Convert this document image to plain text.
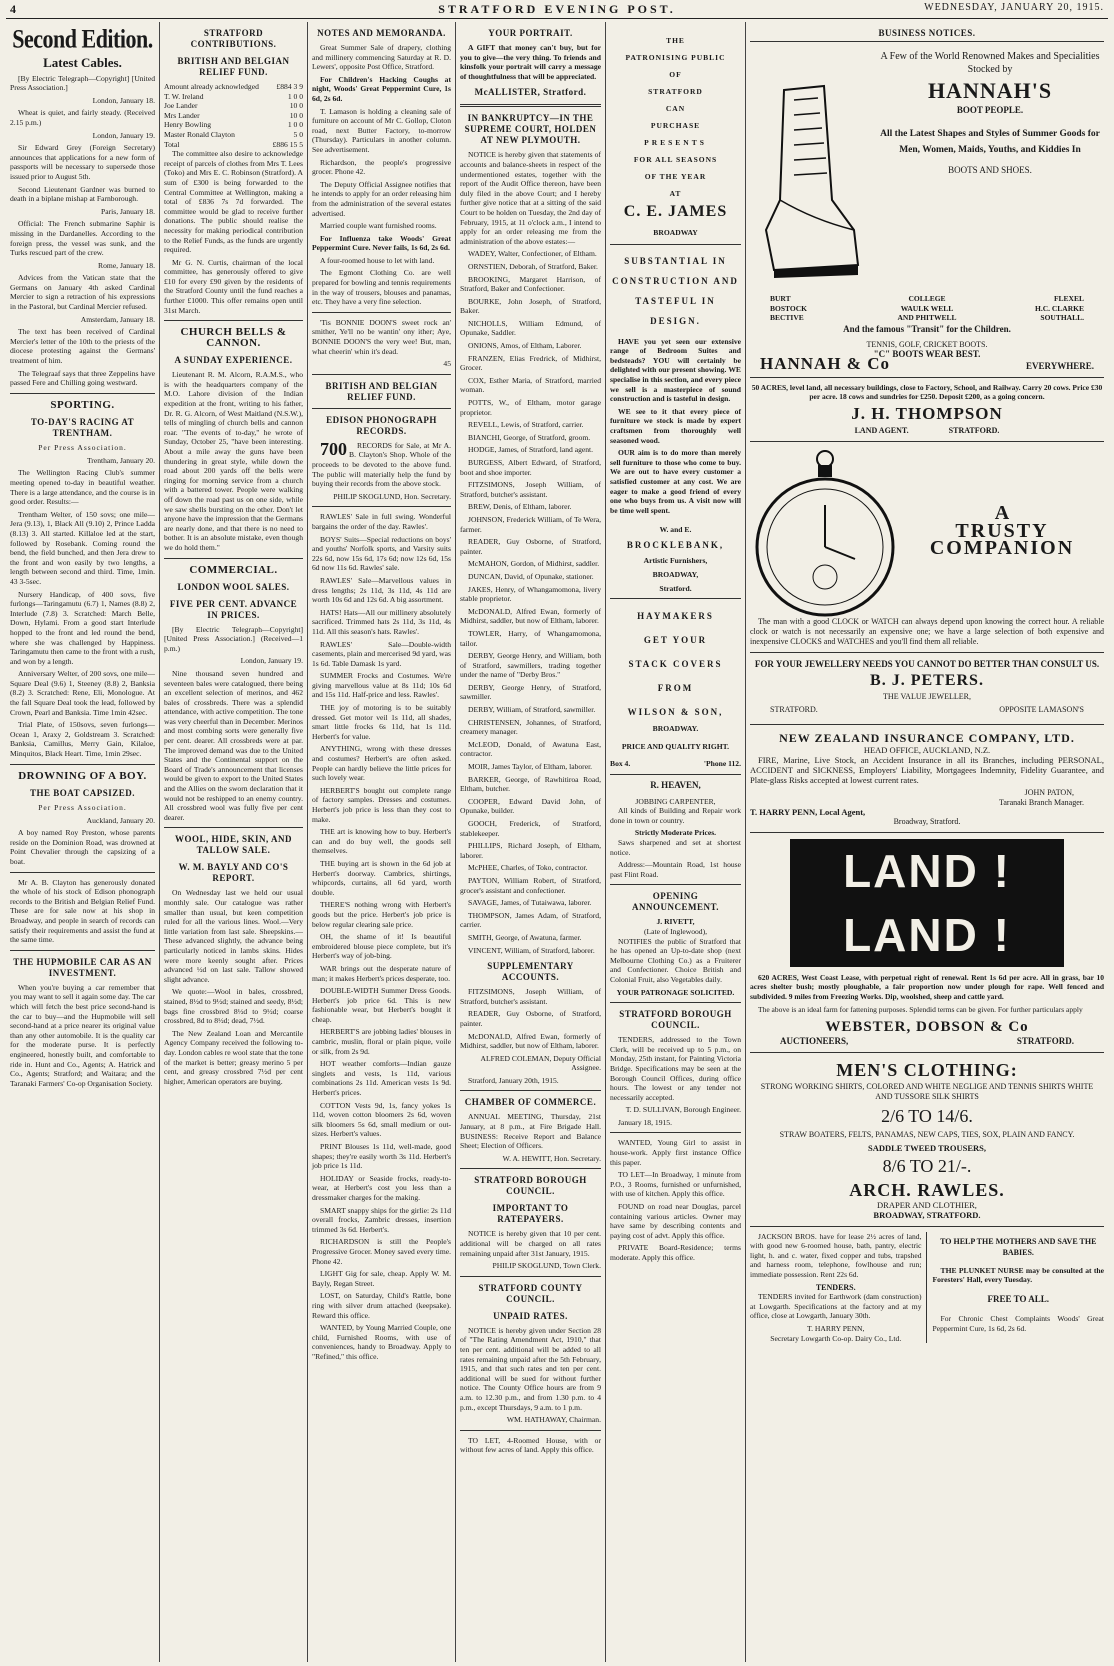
4	STRATFORD EVENING POST.	WEDNESDAY, JANUARY 20, 1915.
Second Edition.
Latest Cables.

[By Electric Telegraph—Copyright] [United Press Association.]

London, January 18.

Wheat is quiet, and fairly steady. (Received 2.15 p.m.)

London, January 19.

Sir Edward Grey (Foreign Secretary) announces that applications for a new form of passports will be necessary to supersede those issued prior to August 5th.

Second Lieutenant Gardner was burned to death in a biplane mishap at Farnborough.

Paris, January 18.

Official: The French submarine Saphir is missing in the Dardanelles. According to the foreign press, the vessel was sunk, and the Turks rescued part of the crew.

Rome, January 18.

Advices from the Vatican state that the Germans on January 4th asked Cardinal Mercier to sign a retraction of his expressions in the Pastoral, but Cardinal Mercier refused.

Amsterdam, January 18.

The text has been received of Cardinal Mercier's letter of the 10th to the priests of the diocese protesting against the Germans' treatment of him.

The Telegraaf says that three Zeppelins have passed Fere and Chilling going westward.

SPORTING.
TO-DAY'S RACING AT TRENTHAM.
Per Press Association.

Trentham, January 20.

The Wellington Racing Club's summer meeting opened to-day in beautiful weather. There is a large attendance, and the course is in good order. Results:—

Trentham Welter, of 150 sovs; one mile—Jera (9.13), 1, Black All (9.10) 2, Prince Ladda (8.13) 3. All started. Killaloe led at the start, followed by Rosebank. Coming round the bend, the field bunched, and then Jera drew to the front and won easily by two lengths, a length between second and third. Time, 1min. 43 3-5sec.

Nursery Handicap, of 400 sovs, five furlongs—Taringamutu (6.7) 1, Names (8.8) 2, Interlude (7.8) 3. Scratched: March Belle, Down, Hylami. From a good start Interlude hopped to the front and led round the bend, where she was challenged by Happiness. Taringamutu then came to the front with a rush, and won by a length.

Anniversary Welter, of 200 sovs, one mile—Square Deal (9.6) 1, Steeney (8.8) 2, Banksia (8.2) 3. Scratched: Rene, Eli, Monologue. At the fall Square Deal took the lead, followed by Crown, Pearl and Banksia. Time 1min 42sec.

Trial Plate, of 150sovs, seven furlongs—Ocean 1, Araxy 2, Goldstream 3. Scratched: Banksia, Camillus, Merry Gain, Kilaloe, Minquitos, Black Heart. Time, 1min 29sec.

DROWNING OF A BOY.
THE BOAT CAPSIZED.
Per Press Association.

Auckland, January 20.

A boy named Roy Preston, whose parents reside on the Dominion Road, was drowned at Point Chevalier through the capsizing of a boat.

Mr A. B. Clayton has generously donated the whole of his stock of Edison phonograph records to the British and Belgian Relief Fund. These are for sale now at his shop in Broadway, and people in search of records can satisfy their requirements and assist the fund at the same time.

THE HUPMOBILE CAR AS AN INVESTMENT.

When you're buying a car remember that you may want to sell it again some day. The car which will fetch the best price second-hand is the car to buy—and the Hupmobile will sell second-hand at a price nearer its original value than any other automobile. It is the quality car for the moderate purse. It is perfectly engineered, honestly built, and comfortable to ride in. Hunt and Co., Agents; A. Hatrick and Co., Agents; Stratford; and Waitara; and the Taranaki Farmers' Co-op Organisation Society.

STRATFORD CONTRIBUTIONS.
BRITISH AND BELGIAN RELIEF FUND.
Amount already acknowledged £884 3 9
T. W. Ireland	1 0 0
Joe Lander	10 0
Mrs Lander	10 0
Henry Bowling	1 0 0
Master Ronald Clayton	5 0
Total	£886 15 5

The committee also desire to acknowledge receipt of parcels of clothes from Mrs T. Lees (Toko) and Mrs E. C. Robinson (Stratford). A sum of £300 is being forwarded to the Central Committee at Wellington, making a total of £836 7s 7d forwarded. The committee would be glad to receive further donations. The public should realise the necessity for making periodical contribution to the Relief Funds, as the funds are urgently required.

Mr G. N. Curtis, chairman of the local committee, has generously offered to give £10 for every £90 given by the residents of the Stratford County until the fund reaches a further £1000. This offer remains open until 31st March.

CHURCH BELLS & CANNON.
A SUNDAY EXPERIENCE.

Lieutenant R. M. Alcorn, R.A.M.S., who is with the headquarters company of the M.O. Lahore division of the Indian expedition at the front, writing to his father, Dr. R. G. Alcorn, of West Maitland (N.S.W.), tells of mingling of church bells and cannon roar. "The events of to-day," he wrote of Sunday, October 25, "have been interesting. About a mile away the guns have been thundering in great style, while down the road about 200 yards off the bells were ringing for morning service from a church with a battered tower. People were walking off down the road past us on one side, while we saw shells bursting on the other. Don't let anyone have the impression that the Germans are nearly done, and that there is no need to bother. It is an absolute mistake, even though we do hold them."

COMMERCIAL.
LONDON WOOL SALES.
FIVE PER CENT. ADVANCE IN PRICES.

[By Electric Telegraph—Copyright] [United Press Association.] (Received—1 p.m.)

London, January 19.

Nine thousand seven hundred and seventeen bales were catalogued, there being an excellent selection of merinos, and 462 bales of crossbreds. There was a splendid attendance, with active competition. The tone was very cheerful than in December. Merinos and most combing sorts were generally five per cent. dearer. All crossbreds were at par. The improved demand was due to the United States and the Continental support on the Board of Trade's announcement that licenses would be given to export to the United States and the Allies on the sworn declaration that it would not be reshipped to an enemy country. All crossbred wool was fully five per cent dearer.

WOOL, HIDE, SKIN, AND TALLOW SALE.
W. M. BAYLY AND CO'S REPORT.

On Wednesday last we held our usual monthly sale. Our catalogue was rather smaller than usual, but keen competition ruled for all the various lines. Wool.—Very little variation from last sale. Sheepskins.—These advanced slightly, the advance being particularly noticed in lambs skins. Hides were more keenly sought after. Prices advanced ½d on last sale. Tallow showed slight advance.

We quote:—Wool in bales, crossbred, stained, 8½d to 9½d; stained and seedy, 8½d; bags fine crossbred 8½d to 9½d; coarse crossbred, 8d to 8½d; dead, 7½d.

The New Zealand Loan and Mercantile Agency Company received the following to-day. London cables re wool state that the tone of the market is better; greasy merino 5 per cent, and greasy crossbred 7½d per cent higher, American operators are buying.

NOTES AND MEMORANDA.

Great Summer Sale of drapery, clothing and millinery commencing Saturday at R. D. Lewers', opposite Post Office, Stratford.

For Children's Hacking Coughs at night, Woods' Great Peppermint Cure, 1s 6d, 2s 6d.

T. Lamason is holding a cleaning sale of furniture on account of Mr C. Gollop, Cloton road, next Butter Factory, to-morrow (Thursday). Particulars in another column. See advertisement.

Richardson, the people's progressive grocer. Phone 42.

The Deputy Official Assignee notifies that he intends to apply for an order releasing him from the administration of the several estates advertised.

Married couple want furnished rooms.

For Influenza take Woods' Great Peppermint Cure. Never fails, 1s 6d, 2s 6d.

A four-roomed house to let with land.

The Egmont Clothing Co. are well prepared for bowling and tennis requirements in the way of trousers, blouses and panamas, etc. They have a very fine selection.

'Tis BONNIE DOON'S sweet rock an' smither, Ye'll no be wantin' ony ither; Aye, BONNIE DOON'S the very wee! But, man, what cheerin' whin it's dead.

45

BRITISH AND BELGIAN RELIEF FUND.
EDISON PHONOGRAPH RECORDS.

700 RECORDS for Sale, at Mr A. B. Clayton's Shop. Whole of the proceeds to be devoted to the above fund. The public will materially help the fund by buying their records from the above stock.

PHILIP SKOGLUND, Hon. Secretary.

RAWLES' Sale in full swing. Wonderful bargains the order of the day. Rawles'.

BOYS' Suits—Special reductions on boys' and youths' Norfolk sports, and Varsity suits 22s 6d, now 15s 6d, 17s 6d; now 12s 6d, 15s 6d now 11s 6d. Rawles' sale.

RAWLES' Sale—Marvellous values in dress lengths; 2s 11d, 3s 11d, 4s 11d are worth 10s 6d and 12s 6d. A big assortment.

HATS! Hats—All our millinery absolutely sacrificed. Trimmed hats 2s 11d, 3s 11d, 4s 11d. All this season's hats. Rawles'.

RAWLES' Sale—Double-width casements, plain and mercerised 9d yard, was 1s 6d. Table Damask 1s yard.

SUMMER Frocks and Costumes. We're giving marvellous value at 8s 11d; 10s 6d and 15s 11d. Half-price and less. Rawles'.

THE joy of motoring is to be suitably dressed. Get motor veil 1s 11d, all shades, smart little frocks 6s 11d, hat 1s 11d. Herbert's for value.

ANYTHING, wrong with these dresses and costumes? Herbert's are often asked. People can hardly believe the little prices for such lovely wear.

HERBERT'S bought out complete range of factory samples. Dresses and costumes. Herbert's job price is less than they cost to make.

THE art is knowing how to buy. Herbert's can and do buy well, the goods sell themselves.

THE buying art is shown in the 6d job at Herbert's doorway. Cambrics, shirtings, whipcords, curtains, all 6d yard, worth double.

THERE'S nothing wrong with Herbert's goods but the price. Herbert's job price is below regular clearing sale price.

OH, the shame of it! Is beautiful embroidered blouse piece complete, but it's Herbert's way of job-bing.

WAR brings out the desperate nature of man; it makes Herbert's prices desperate, too.

DOUBLE-WIDTH Summer Dress Goods. Herbert's job price 6d. This is new fashionable wear, but Herbert's bought it cheap.

HERBERT'S are jobbing ladies' blouses in cambric, muslin, floral or plain pique, voile or silk, from 2s 9d.

HOT weather comforts—Indian gauze singlets and vests, 1s 11d, various combinations 2s 11d. American vests 1s 9d. Herbert's prices.

COTTON Vests 9d, 1s, fancy yokes 1s 11d, woven cotton bloomers 2s 6d, woven silk bloomers 5s 6d, small medium or out-sizes. Herbert's values.

PRINT Blouses 1s 11d, well-made, good shapes; they're easily worth 3s 11d. Herbert's job price 1s 11d.

HOLIDAY or Seaside frocks, ready-to-wear, at Herbert's cost you less than a dressmaker charges for the making.

SMART snappy ships for the girlie: 2s 11d overall frocks, Zambric dresses, insertion trimmed 3s 6d. Herbert's.

RICHARDSON is still the People's Progressive Grocer. Money saved every time. Phone 42.

LIGHT Gig for sale, cheap. Apply W. M. Bayly, Regan Street.

LOST, on Saturday, Child's Rattle, bone ring with silver drum attached (keepsake). Reward this office.

WANTED, by Young Married Couple, one child, Furnished Rooms, with use of conveniences, handy to Broadway. Apply to "Refined," this office.

YOUR PORTRAIT.

A GIFT that money can't buy, but for you to give—the very thing. To friends and kinsfolk your portrait will carry a message of thoughtfulness that will be appreciated.

McALLISTER, Stratford.
IN BANKRUPTCY—IN THE SUPREME COURT, HOLDEN AT NEW PLYMOUTH.

NOTICE is hereby given that statements of accounts and balance-sheets in respect of the undermentioned estates, together with the report of the Audit Office thereon, have been duly filed in the above Court; and I hereby further give notice that at a sitting of the said Court to be holden on Tuesday, the 2nd day of February, 1915, at 11 o'clock a.m., I intend to apply for an order releasing me from the administration of the above estates:—

WADEY, Walter, Confectioner, of Eltham.

ORNSTIEN, Deborah, of Stratford, Baker.

BROOKING, Margaret Harrison, of Stratford, Baker and Confectioner.

BOURKE, John Joseph, of Stratford, Baker.

NICHOLLS, William Edmund, of Opunake, Saddler.

ONIONS, Amos, of Eltham, Laborer.

FRANZEN, Elias Fredrick, of Midhirst, Grocer.

COX, Esther Maria, of Stratford, married woman.

POTTS, W., of Eltham, motor garage proprietor.

REVELL, Lewis, of Stratford, carrier.

BIANCHI, George, of Stratford, groom.

HODGE, James, of Stratford, land agent.

BURGESS, Albert Edward, of Stratford, boot and shoe importer.

FITZSIMONS, Joseph William, of Stratford, butcher's assistant.

BREW, Denis, of Eltham, laborer.

JOHNSON, Frederick William, of Te Wera, farmer.

READER, Guy Osborne, of Stratford, painter.

McMAHON, Gordon, of Midhirst, saddler.

DUNCAN, David, of Opunake, stationer.

JAKES, Henry, of Whangamomona, livery stable proprietor.

McDONALD, Alfred Ewan, formerly of Midhirst, saddler, but now of Eltham, laborer.

TOWLER, Harry, of Whangamomona, tailor.

DERBY, George Henry, and William, both of Stratford, sawmillers, trading together under the name of "Derby Bros."

DERBY, George Henry, of Stratford, sawmiller.

DERBY, William, of Stratford, sawmiller.

CHRISTENSEN, Johannes, of Stratford, creamery manager.

McLEOD, Donald, of Awatuna East, contractor.

MOIR, James Taylor, of Eltham, laborer.

BARKER, George, of Rawhitiroa Road, Eltham, butcher.

COOPER, Edward David John, of Opunake, builder.

GOOCH, Frederick, of Stratford, stablekeeper.

PHILLIPS, Richard Joseph, of Eltham, laborer.

McPHEE, Charles, of Toko, contractor.

PAYTON, William Robert, of Stratford, grocer's assistant and confectioner.

SAVAGE, James, of Tutaiwawa, laborer.

THOMPSON, James Adam, of Stratford, carrier.

SMITH, George, of Awatuna, farmer.

VINCENT, William, of Stratford, laborer.

SUPPLEMENTARY ACCOUNTS.

FITZSIMONS, Joseph William, of Stratford, butcher's assistant.

READER, Guy Osborne, of Stratford, painter.

McDONALD, Alfred Ewan, formerly of Midhirst, saddler, but now of Eltham, laborer.

ALFRED COLEMAN, Deputy Official Assignee.

Stratford, January 20th, 1915.

CHAMBER OF COMMERCE.

ANNUAL MEETING, Thursday, 21st January, at 8 p.m., at Fire Brigade Hall. BUSINESS: Receive Report and Balance Sheet; Election of Officers.

W. A. HEWITT, Hon. Secretary.

STRATFORD BOROUGH COUNCIL.
IMPORTANT TO RATEPAYERS.

NOTICE is hereby given that 10 per cent. additional will be charged on all rates remaining unpaid after 31st January, 1915.

PHILIP SKOGLUND, Town Clerk.

STRATFORD COUNTY COUNCIL.
UNPAID RATES.

NOTICE is hereby given under Section 28 of "The Rating Amendment Act, 1910," that ten per cent. additional will be added to all rates remaining unpaid after the 5th February, 1915, and that such rates and ten per cent. additional will be sued for without further notice. The County Office hours are from 9 a.m. to 12.30 p.m., and from 1.30 p.m. to 4 p.m., except Thursdays, 9 a.m. to 1 p.m.

WM. HATHAWAY, Chairman.

TO LET, 4-Roomed House, with or without few acres of land. Apply this office.

THE
PATRONISING PUBLIC
OF
STRATFORD
CAN
PURCHASE
PRESENTS
FOR ALL SEASONS
OF THE YEAR
AT
C. E. JAMES
BROADWAY
SUBSTANTIAL IN CONSTRUCTION AND TASTEFUL IN DESIGN.

HAVE you yet seen our extensive range of Bedroom Suites and bedsteads? YOU will certainly be delighted with our present showing. WE specialise in this section, and every piece we sell is a masterpiece of sound construction and is tasteful in design.

WE see to it that every piece of furniture we stock is made by expert craftsmen from thoroughly well seasoned wood.

OUR aim is to do more than merely sell furniture to those who come to buy. We are out to have every customer a satisfied customer at any cost. We are eager to make a good friend of every one who buys from us. A visit now will be time well spent.

W. and E.
BROCKLEBANK,
Artistic Furnishers,
BROADWAY,
Stratford.
HAYMAKERS
GET YOUR
STACK COVERS
FROM
WILSON & SON,
BROADWAY.
PRICE AND QUALITY RIGHT.
Box 4.	'Phone 112.
R. HEAVEN,
JOBBING CARPENTER,

All kinds of Building and Repair work done in town or country.

Strictly Moderate Prices.

Saws sharpened and set at shortest notice.

Address:—Mountain Road, 1st house past Flint Road.

OPENING ANNOUNCEMENT.
J. RIVETT,
(Late of Inglewood),

NOTIFIES the public of Stratford that he has opened an Up-to-date shop (next Melbourne Clothing Co.) as a Fruiterer and Confectioner. Choice British and Colonial Fruit, also Vegetables daily.

YOUR PATRONAGE SOLICITED.
STRATFORD BOROUGH COUNCIL.

TENDERS, addressed to the Town Clerk, will be received up to 5 p.m., on Monday, 25th instant, for Painting Victoria Bridge. Specifications may be seen at the Borough Council Offices, during office hours. The lowest or any tender not necessarily accepted.

T. D. SULLIVAN, Borough Engineer.

January 18, 1915.

WANTED, Young Girl to assist in house-work. Apply first instance Office this paper.

TO LET—In Broadway, 1 minute from P.O., 3 Rooms, furnished or unfurnished, with use of kitchen. Apply this office.

FOUND on road near Douglas, parcel containing various articles. Owner may have same by describing contents and paying cost of advt. Apply this office.

PRIVATE Board-Residence; terms moderate. Apply this office.

BUSINESS NOTICES.
A Few of the World Renowned Makes and Specialities Stocked by
HANNAH'S
BOOT PEOPLE.
All the Latest Shapes and Styles of Summer Goods for Men, Women, Maids, Youths, and Kiddies In
BOOTS AND SHOES.
BURT	COLLEGE	FLEXEL
BOSTOCK	WAULK WELL	H.C. CLARKE
BECTIVE	AND PHITWELL	SOUTHALL.
And the famous "Transit" for the Children.
TENNIS, GOLF, CRICKET BOOTS.
"C" BOOTS WEAR BEST.
HANNAH & Co	EVERYWHERE.
50 ACRES, level land, all necessary buildings, close to Factory, School, and Railway. Carry 20 cows. Price £30 per acre. 18 cows and sundries for £250. Deposit £200, as a going concern.
J. H. THOMPSON
LAND AGENT.	STRATFORD.
A
TRUSTY
COMPANION

The man with a good CLOCK or WATCH can always depend upon knowing the correct hour. A reliable clock or watch is not necessarily an expensive one; we have a large selection of both expensive and inexpensive CLOCKS and WATCHES and you'll find them all reliable.

FOR YOUR JEWELLERY NEEDS YOU CANNOT DO BETTER THAN CONSULT US.
B. J. PETERS.
THE VALUE JEWELLER,
STRATFORD.	OPPOSITE LAMASON'S
NEW ZEALAND INSURANCE COMPANY, LTD.
HEAD OFFICE, AUCKLAND, N.Z.

FIRE, Marine, Live Stock, an Accident Insurance in all its Branches, including PERSONAL, ACCIDENT and SICKNESS, Employers' Liability, Mortgagees Indemnity, Fidelity Guarantee, and Plate-glass Risks accepted at lowest current rates.

JOHN PATON,
Taranaki Branch Manager.
T. HARRY PENN, Local Agent,
Broadway, Stratford.
LAND ! LAND !

620 ACRES, West Coast Lease, with perpetual right of renewal. Rent 1s 6d per acre. All in grass, bar 10 acres shelter bush; mostly ploughable, a fair proportion now under plough for rape. Well fenced and subdivided. 9 miles from Freezing Works. Dip, woolshed, sheep and cattle yard.

The above is an ideal farm for fattening purposes. Splendid terms can be given. For further particulars apply

WEBSTER, DOBSON & Co
AUCTIONEERS,	STRATFORD.
MEN'S CLOTHING:
STRONG WORKING SHIRTS, COLORED AND WHITE NEGLIGE AND TENNIS SHIRTS WHITE AND TUSSORE SILK SHIRTS
2/6 TO 14/6.
STRAW BOATERS, FELTS, PANAMAS, NEW CAPS, TIES, SOX, PLAIN AND FANCY.
SADDLE TWEED TROUSERS,
8/6 TO 21/-.
ARCH. RAWLES.
DRAPER AND CLOTHIER,
BROADWAY, STRATFORD.

JACKSON BROS. have for lease 2½ acres of land, with good new 6-roomed house, bath, pantry, electric light, h. and c. water, fixed copper and tubs, trapshed and harness room, telephone, fowlhouse and run; immediate possession. Rent 22s 6d.

TENDERS.

TENDERS invited for Earthwork (dam construction) at Lowgarth. Specifications at the factory and at my office, close at Lowgarth, January 30th.

T. HARRY PENN,
Secretary Lowgarth Co-op. Dairy Co., Ltd.
TO HELP THE MOTHERS AND SAVE THE BABIES.

THE PLUNKET NURSE may be consulted at the Foresters' Hall, every Tuesday.

FREE TO ALL.

For Chronic Chest Complaints Woods' Great Peppermint Cure, 1s 6d, 2s 6d.
